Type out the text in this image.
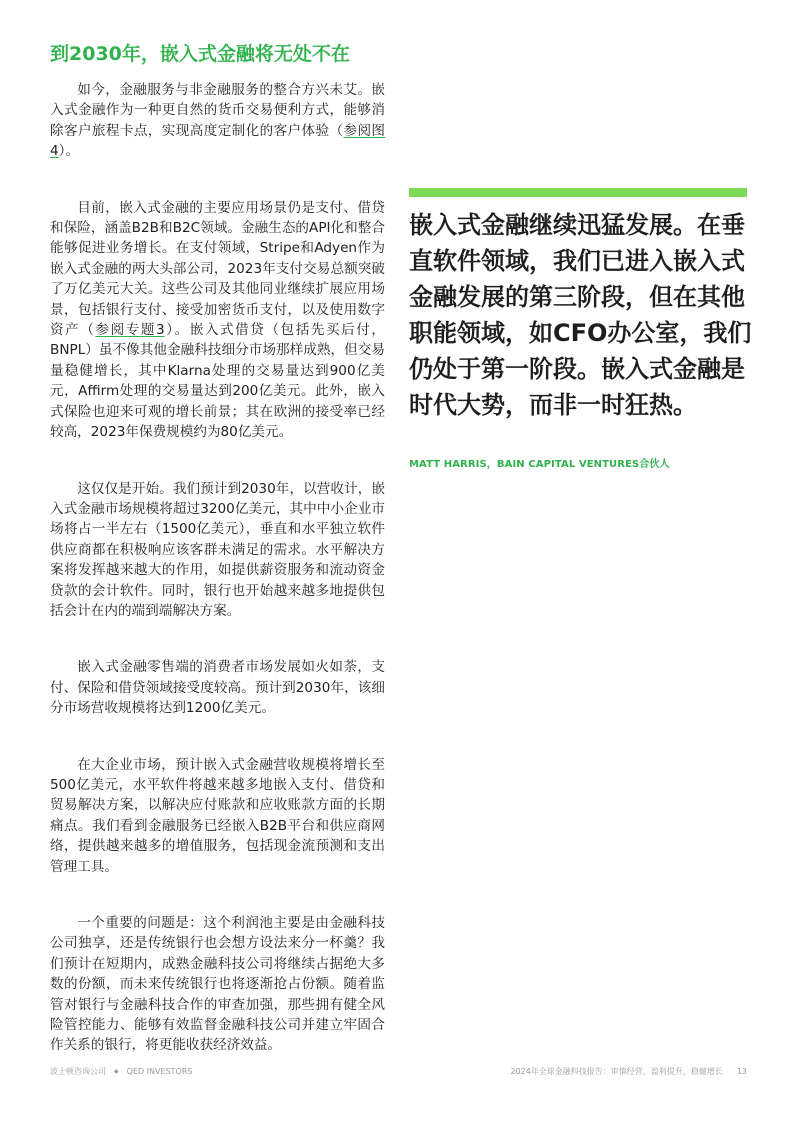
到2030年，嵌入式金融将无处不在

如今，金融服务与非金融服务的整合方兴未艾。嵌入式金融作为一种更自然的货币交易便利方式，能够消除客户旅程卡点，实现高度定制化的客户体验（参阅图4）。

目前，嵌入式金融的主要应用场景仍是支付、借贷和保险，涵盖B2B和B2C领域。金融生态的API化和整合能够促进业务增长。在支付领域，Stripe和Adyen作为嵌入式金融的两大头部公司，2023年支付交易总额突破了万亿美元大关。这些公司及其他同业继续扩展应用场景，包括银行支付、接受加密货币支付，以及使用数字资产（参阅专题3）。嵌入式借贷（包括先买后付，BNPL）虽不像其他金融科技细分市场那样成熟，但交易量稳健增长，其中Klarna处理的交易量达到900亿美元，Affirm处理的交易量达到200亿美元。此外，嵌入式保险也迎来可观的增长前景；其在欧洲的接受率已经较高，2023年保费规模约为80亿美元。

这仅仅是开始。我们预计到2030年，以营收计，嵌入式金融市场规模将超过3200亿美元，其中中小企业市场将占一半左右（1500亿美元），垂直和水平独立软件供应商都在积极响应该客群未满足的需求。水平解决方案将发挥越来越大的作用，如提供薪资服务和流动资金贷款的会计软件。同时，银行也开始越来越多地提供包括会计在内的端到端解决方案。

嵌入式金融零售端的消费者市场发展如火如荼，支付、保险和借贷领域接受度较高。预计到2030年，该细分市场营收规模将达到1200亿美元。

在大企业市场，预计嵌入式金融营收规模将增长至500亿美元，水平软件将越来越多地嵌入支付、借贷和贸易解决方案，以解决应付账款和应收账款方面的长期痛点。我们看到金融服务已经嵌入B2B平台和供应商网络，提供越来越多的增值服务，包括现金流预测和支出管理工具。

一个重要的问题是：这个利润池主要是由金融科技公司独享，还是传统银行也会想方设法来分一杯羹？我们预计在短期内，成熟金融科技公司将继续占据绝大多数的份额，而未来传统银行也将逐渐抢占份额。随着监管对银行与金融科技合作的审查加强，那些拥有健全风险管控能力、能够有效监督金融科技公司并建立牢固合作关系的银行，将更能收获经济效益。

嵌入式金融继续迅猛发展。在垂直软件领域，我们已进入嵌入式金融发展的第三阶段，但在其他职能领域，如CFO办公室，我们仍处于第一阶段。嵌入式金融是时代大势，而非一时狂热。

MATT HARRIS，BAIN CAPITAL VENTURES合伙人

波士顿咨询公司 ◆ QED INVESTORS	2024年全球金融科技报告：审慎经营，盈利提升，稳健增长 13
